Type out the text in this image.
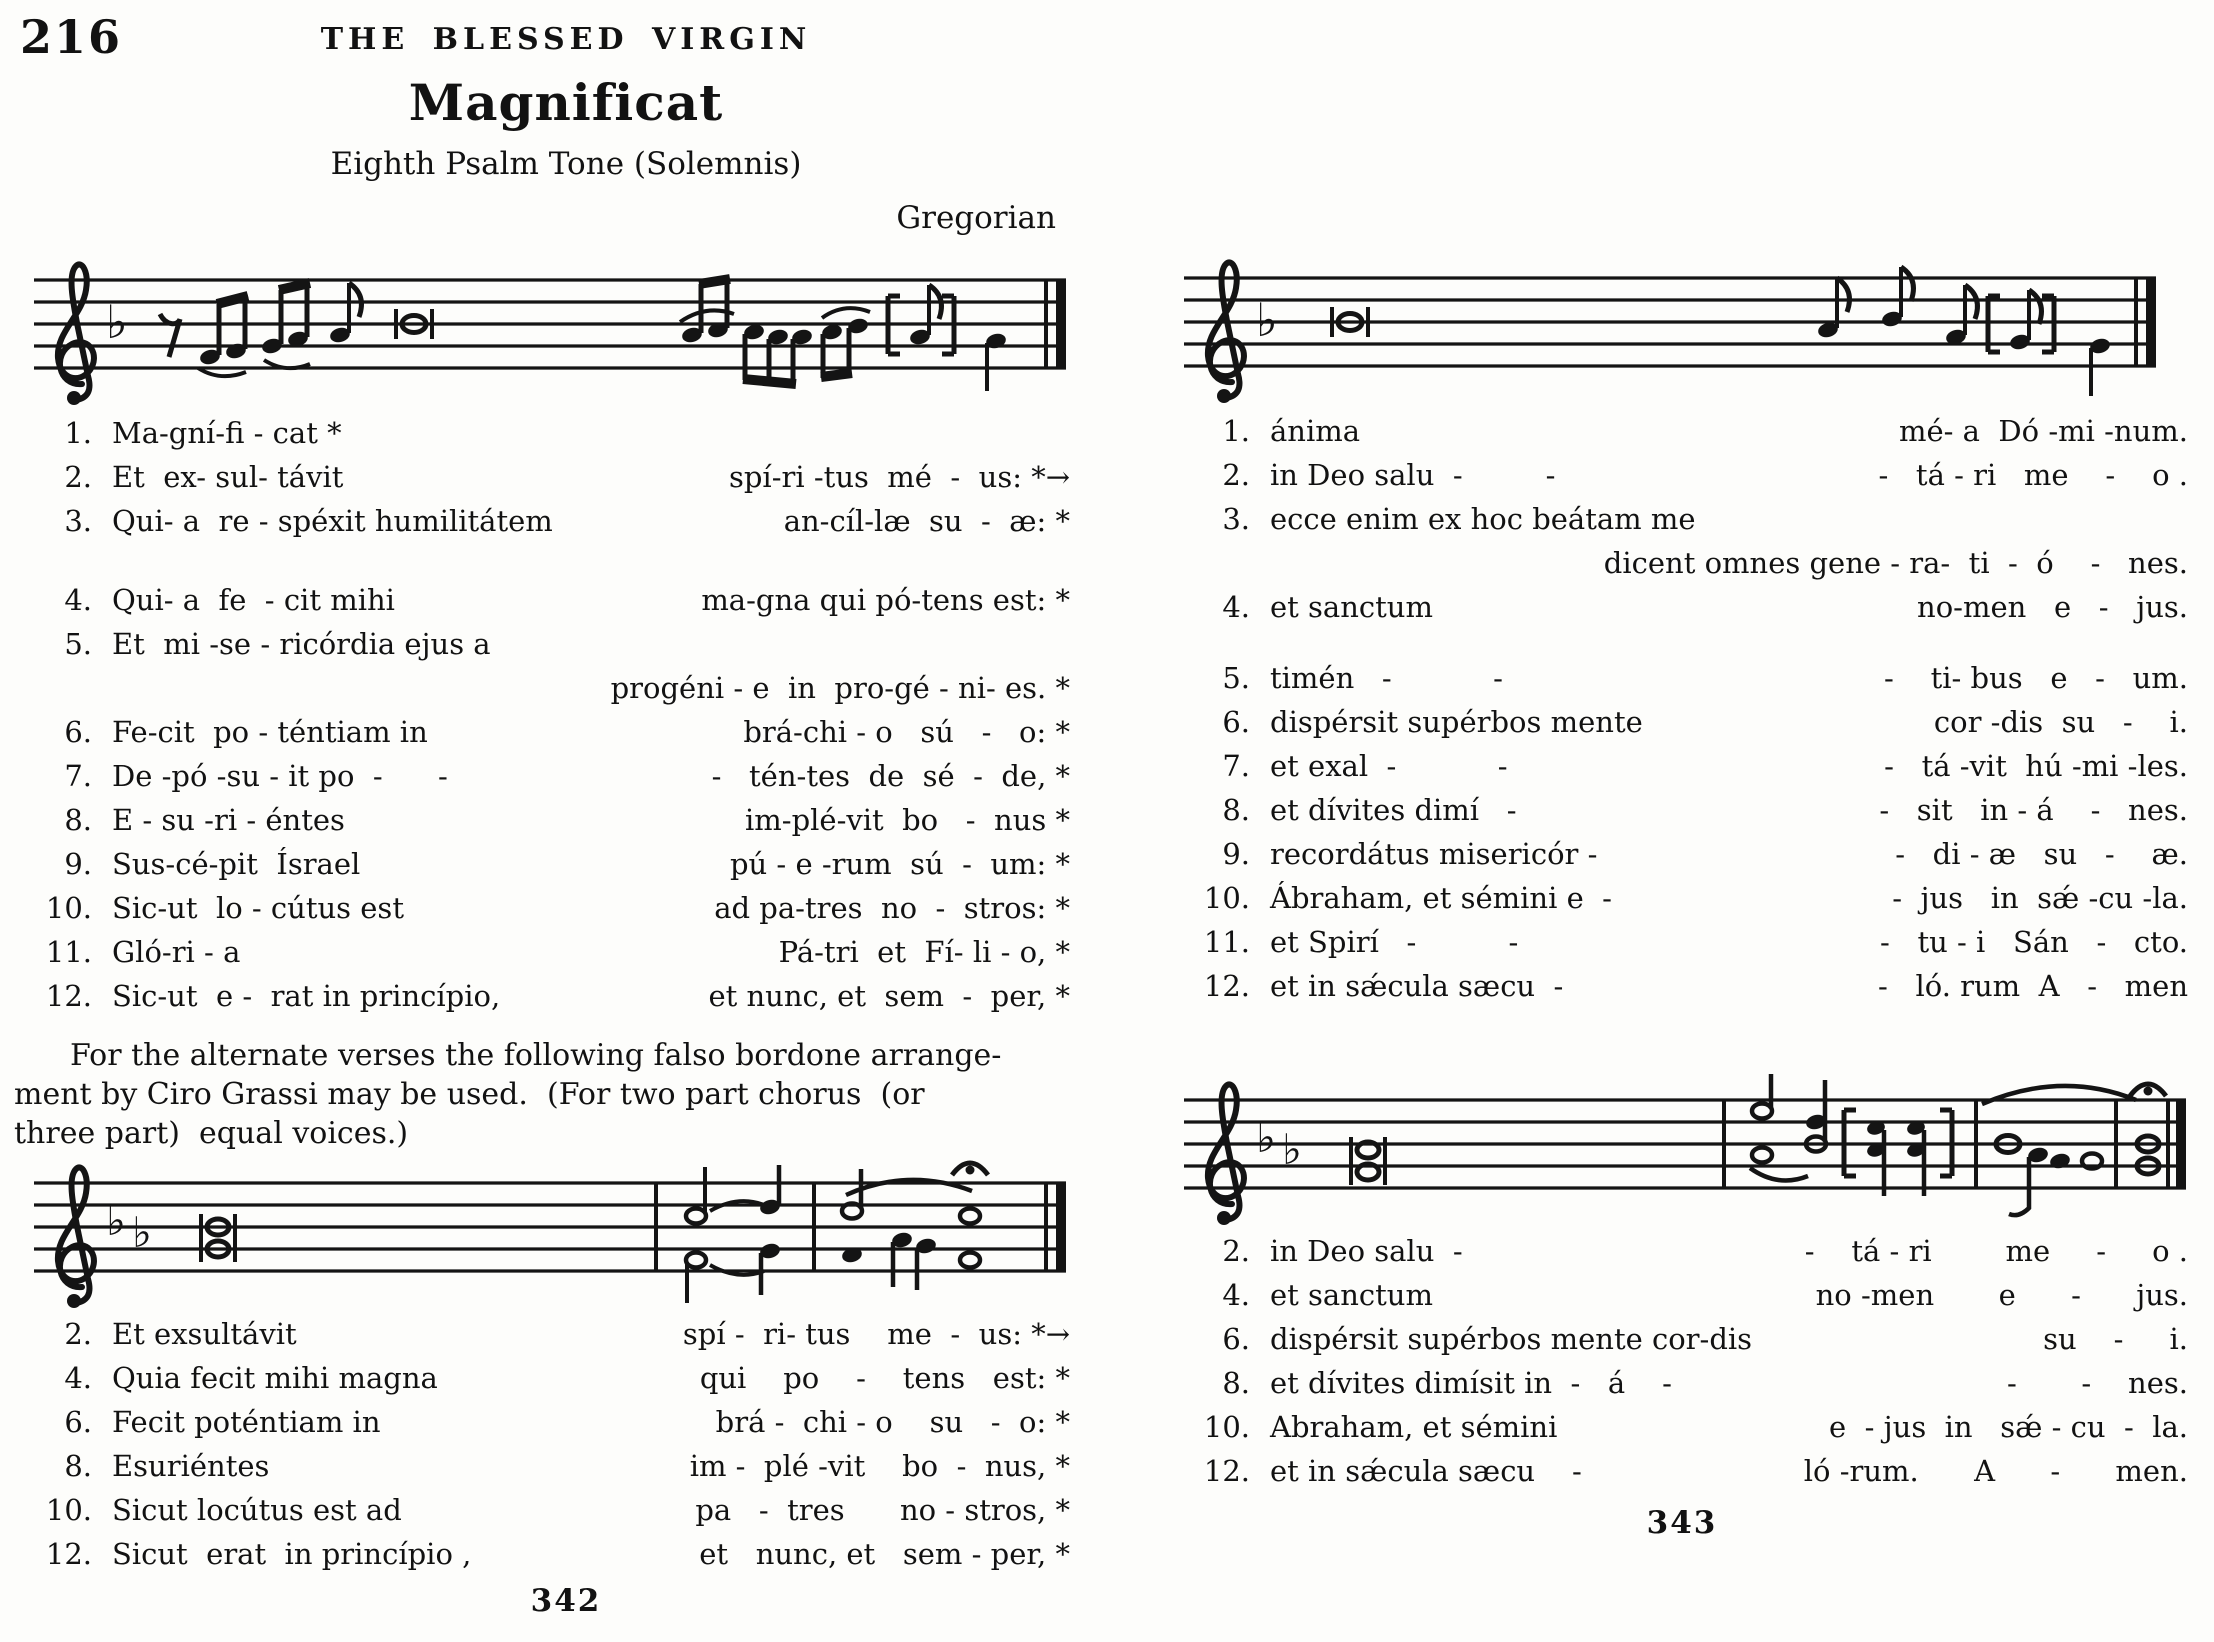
216	THE BLESSED VIRGIN
Magnificat
Eighth Psalm Tone (Solemnis)
Gregorian
♭
1. Ma-gní-fi - cat *
2. Et  ex- sul- távit	spí-ri -tus  mé  -  us: *→
3. Qui- a  re - spéxit humilitátem	an-cíl-læ  su  -  æ: *
4. Qui- a  fe  - cit mihi	ma-gna qui pó-tens est: *
5. Et  mi -se - ricórdia ejus a
progéni - e  in  pro-gé - ni- es. *
6. Fe-cit  po - téntiam in	brá-chi - o   sú   -   o: *
7. De -pó -su - it po  -      -	-   tén-tes  de  sé  -  de, *
8. E - su -ri - éntes	im-plé-vit  bo   -  nus *
9. Sus-cé-pit  Ísrael	pú - e -rum  sú  -  um: *
10. Sic-ut  lo - cútus est	ad pa-tres  no  -  stros: *
11. Gló-ri - a	Pá-tri  et  Fí- li - o, *
12. Sic-ut  e -  rat in princípio,	et nunc, et  sem  -  per, *
For the alternate verses the following falso bordone arrange-
ment by Ciro Grassi may be used.  (For two part chorus  (or
three part)  equal voices.)
♭ ♭
2. Et exsultávit	spí -  ri- tus    me  -  us: *→
4. Quia fecit mihi magna	qui    po    -    tens   est: *
6. Fecit poténtiam in	brá -  chi - o    su   -  o: *
8. Esuriéntes	im -  plé -vit    bo  -  nus, *
10. Sicut locútus est ad	pa   -  tres      no - stros, *
12. Sicut  erat  in princípio ,	et   nunc, et   sem - per, *
342
♭
1. ánima	mé- a  Dó -mi -num.
2. in Deo salu  -         -	-   tá - ri   me    -    o .
3. ecce enim ex hoc beátam me
dicent omnes gene - ra-  ti  -  ó    -   nes.
4. et sanctum	no-men   e   -   jus.
5. timén   -           -	-    ti- bus   e   -   um.
6. dispérsit supérbos mente	cor -dis  su   -    i.
7. et exal  -           -	-   tá -vit  hú -mi -les.
8. et dívites dimí   -	-   sit   in - á    -   nes.
9. recordátus misericór -	-   di - æ   su   -    æ.
10. Ábraham, et sémini e  -	-  jus   in  sǽ -cu -la.
11. et Spirí   -          -	-   tu - i   Sán   -   cto.
12. et in sǽcula sæcu  -	-   ló. rum  A   -   men
♭ ♭
2. in Deo salu  -	-    tá - ri        me     -     o .
4. et sanctum	no -men       e      -      jus.
6. dispérsit supérbos mente cor-dis	su    -     i.
8. et dívites dimísit in  -   á    -	-       -    nes.
10. Abraham, et sémini	e  - jus  in   sǽ - cu  -  la.
12. et in sǽcula sæcu    -	ló -rum.      A      -      men.
343
